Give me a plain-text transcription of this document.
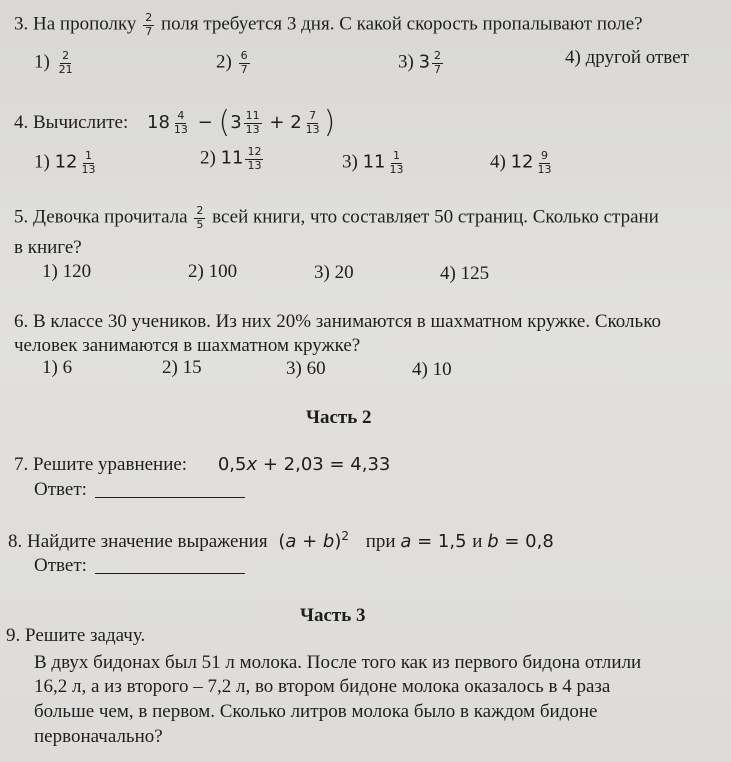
3. На прополку $\frac{2}{7}$ поля требуется 3 дня. С какой скорость пропалывают поле?
$1) \frac{2}{21}$	$2) \frac{6}{7}$	3) $3 \frac{2}{7}$	4) другой ответ
4. Вычислите: $18 \frac{4}{13} - (3 \frac{11}{13} + 2 \frac{7}{13}$ )
1) $12 \frac{1}{13}$	2) $11 \frac{12}{13}$	3) $11 \frac{1}{13}$	4) $12 \frac{9}{13}$
5. Девочка прочитала $\frac{2}{5}$ всей книги, что составляет 50 страниц. Сколько страни
в книге?
1) 120	2) 100	3) 20	4) 125
6. В классе 30 учеников. Из них 20% занимаются в шахматном кружке. Сколько
человек занимаются в шахматном кружке?
1) 6	2) 15	3) 60	4) 10
Часть 2
7. Решите уравнение: 0,5x + 2,03 = 4,33
Ответ:
8. Найдите значение выражения $(a + b)^2$ при a = 1,5 и b = 0,8
Ответ:
Часть 3
9. Решите задачу.
В двух бидонах был 51 л молока. После того как из первого бидона отлили
16,2 л, а из второго – 7,2 л, во втором бидоне молока оказалось в 4 раза
больше чем, в первом. Сколько литров молока было в каждом бидоне
первоначально?
